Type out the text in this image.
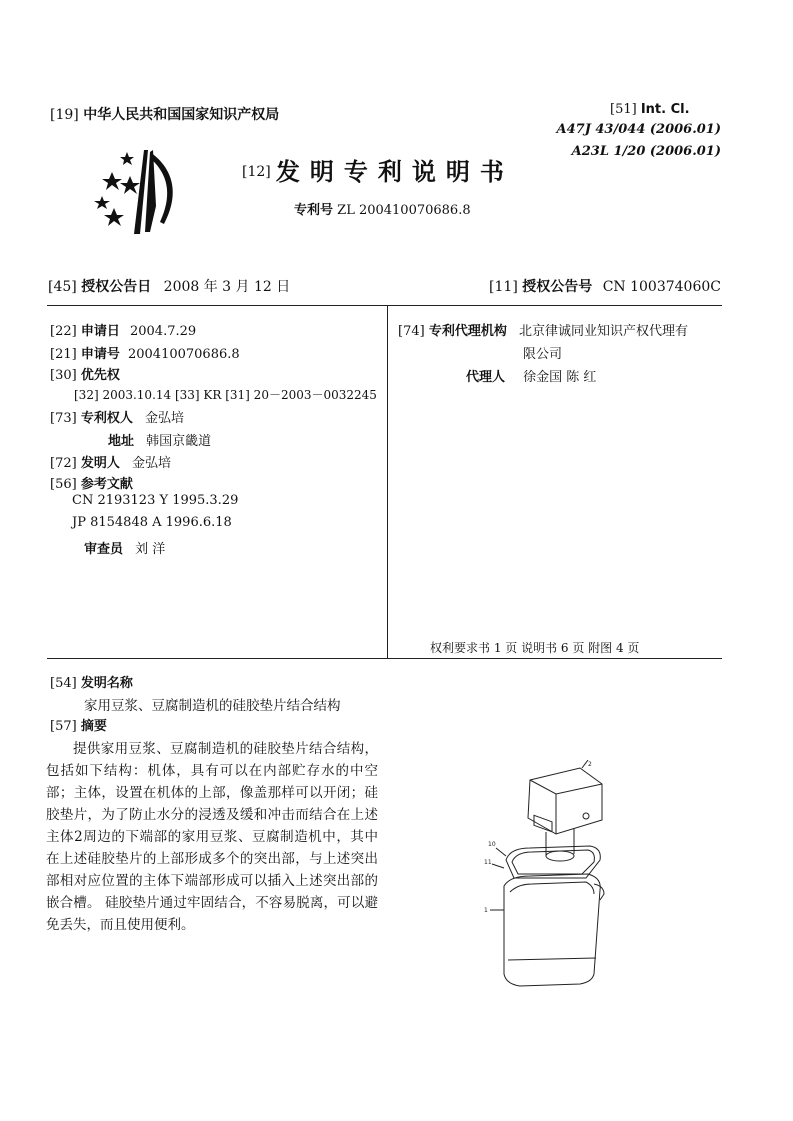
[19] 中华人民共和国国家知识产权局	[51] Int. Cl.
A47J 43/044 (2006.01)
A23L 1/20 (2006.01)
[12] 发明专利说明书
专利号 ZL 200410070686.8
[45] 授权公告日 2008 年 3 月 12 日	[11] 授权公告号 CN 100374060C
[22] 申请日 2004.7.29
[21] 申请号 200410070686.8
[30] 优先权
[32] 2003.10.14 [33] KR [31] 20－2003－0032245
[73] 专利权人 金弘培
地址 韩国京畿道
[72] 发明人 金弘培
[56] 参考文献
CN 2193123 Y 1995.3.29
JP 8154848 A 1996.6.18
审查员 刘 洋
[74] 专利代理机构 北京律诚同业知识产权代理有
限公司
代理人 徐金国 陈 红
权利要求书 1 页 说明书 6 页 附图 4 页
[54] 发明名称
家用豆浆、豆腐制造机的硅胶垫片结合结构
[57] 摘要
提供家用豆浆、豆腐制造机的硅胶垫片结合结构，包括如下结构：机体，具有可以在内部贮存水的中空部；主体，设置在机体的上部，像盖那样可以开闭；硅胶垫片，为了防止水分的浸透及缓和冲击而结合在上述主体2周边的下端部的家用豆浆、豆腐制造机中，其中在上述硅胶垫片的上部形成多个的突出部，与上述突出部相对应位置的主体下端部形成可以插入上述突出部的嵌合槽。 硅胶垫片通过牢固结合，不容易脱离，可以避免丢失，而且使用便利。
2
10
11
1
